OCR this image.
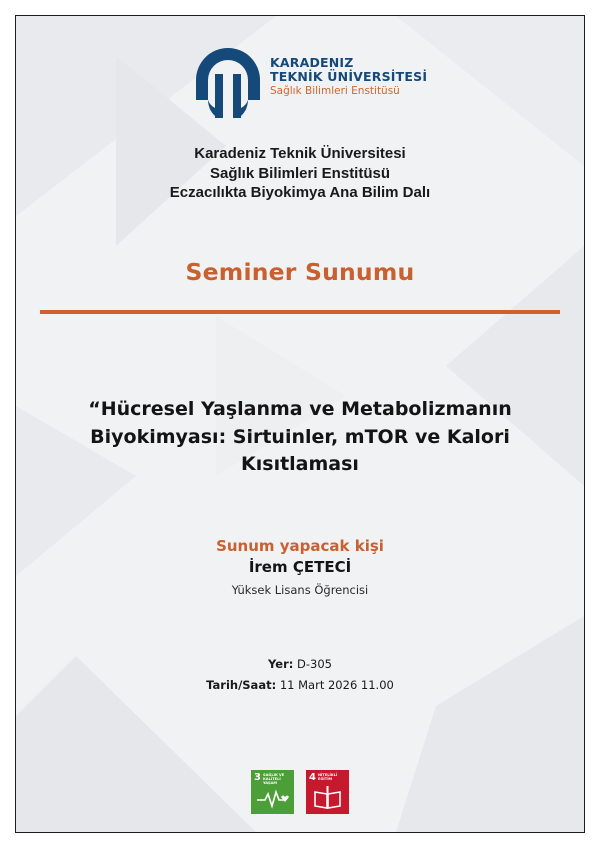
KARADENIZ
TEKNİK ÜNİVERSİTESİ
Sağlık Bilimleri Enstitüsü
Karadeniz Teknik Üniversitesi
Sağlık Bilimleri Enstitüsü
Eczacılıkta Biyokimya Ana Bilim Dalı
Seminer Sunumu
“Hücresel Yaşlanma ve Metabolizmanın Biyokimyası: Sirtuinler, mTOR ve Kalori Kısıtlaması
Sunum yapacak kişi
İrem ÇETECİ
Yüksek Lisans Öğrencisi
Yer: D-305
Tarih/Saat: 11 Mart 2026 11.00
3 SAĞLIK VE KALİTELİ YAŞAM
4 NİTELİKLİ EĞİTİM
